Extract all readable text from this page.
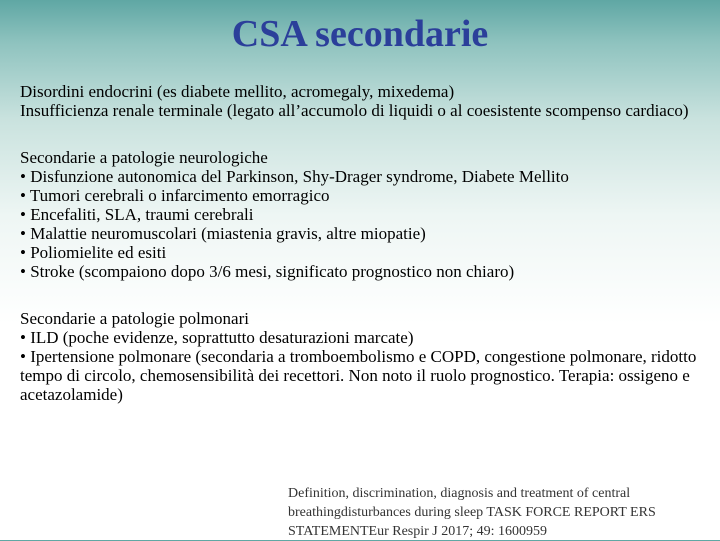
CSA secondarie

Disordini endocrini (es diabete mellito, acromegaly, mixedema)

Insufficienza renale terminale (legato all’accumolo di liquidi o al coesistente scompenso cardiaco)

Secondarie a patologie neurologiche

• Disfunzione autonomica del Parkinson, Shy-Drager syndrome, Diabete Mellito

• Tumori cerebrali o infarcimento emorragico

• Encefaliti, SLA, traumi cerebrali

• Malattie neuromuscolari (miastenia gravis, altre miopatie)

• Poliomielite ed esiti

• Stroke (scompaiono dopo 3/6 mesi, significato prognostico non chiaro)

Secondarie a patologie polmonari

• ILD (poche evidenze, soprattutto desaturazioni marcate)

• Ipertensione polmonare (secondaria a tromboembolismo e COPD, congestione polmonare, ridotto tempo di circolo, chemosensibilità dei recettori. Non noto il ruolo prognostico. Terapia: ossigeno e acetazolamide)

Definition, discrimination, diagnosis and treatment of central breathingdisturbances during sleep TASK FORCE REPORT ERS STATEMENTEur Respir J 2017; 49: 1600959
